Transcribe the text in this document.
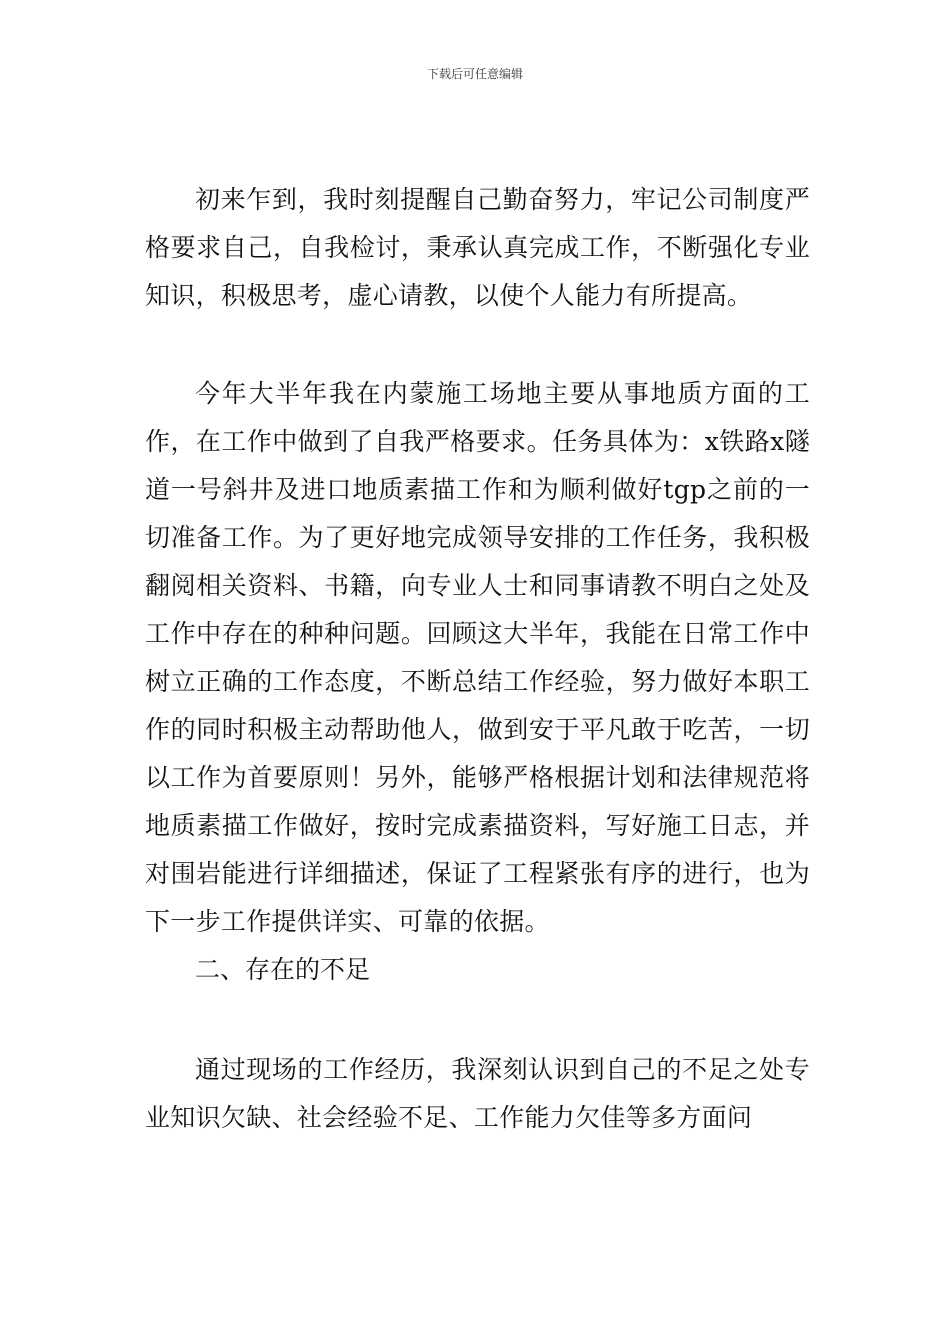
下载后可任意编辑

初来乍到，我时刻提醒自己勤奋努力，牢记公司制度严格要求自己，自我检讨，秉承认真完成工作，不断强化专业知识，积极思考，虚心请教，以使个人能力有所提高。

今年大半年我在内蒙施工场地主要从事地质方面的工作，在工作中做到了自我严格要求。任务具体为：x铁路x隧道一号斜井及进口地质素描工作和为顺利做好tgp之前的一切准备工作。为了更好地完成领导安排的工作任务，我积极翻阅相关资料、书籍，向专业人士和同事请教不明白之处及工作中存在的种种问题。回顾这大半年，我能在日常工作中树立正确的工作态度，不断总结工作经验，努力做好本职工作的同时积极主动帮助他人，做到安于平凡敢于吃苦，一切以工作为首要原则！另外，能够严格根据计划和法律规范将地质素描工作做好，按时完成素描资料，写好施工日志，并对围岩能进行详细描述，保证了工程紧张有序的进行，也为下一步工作提供详实、可靠的依据。

二、存在的不足

通过现场的工作经历，我深刻认识到自己的不足之处专业知识欠缺、社会经验不足、工作能力欠佳等多方面问
